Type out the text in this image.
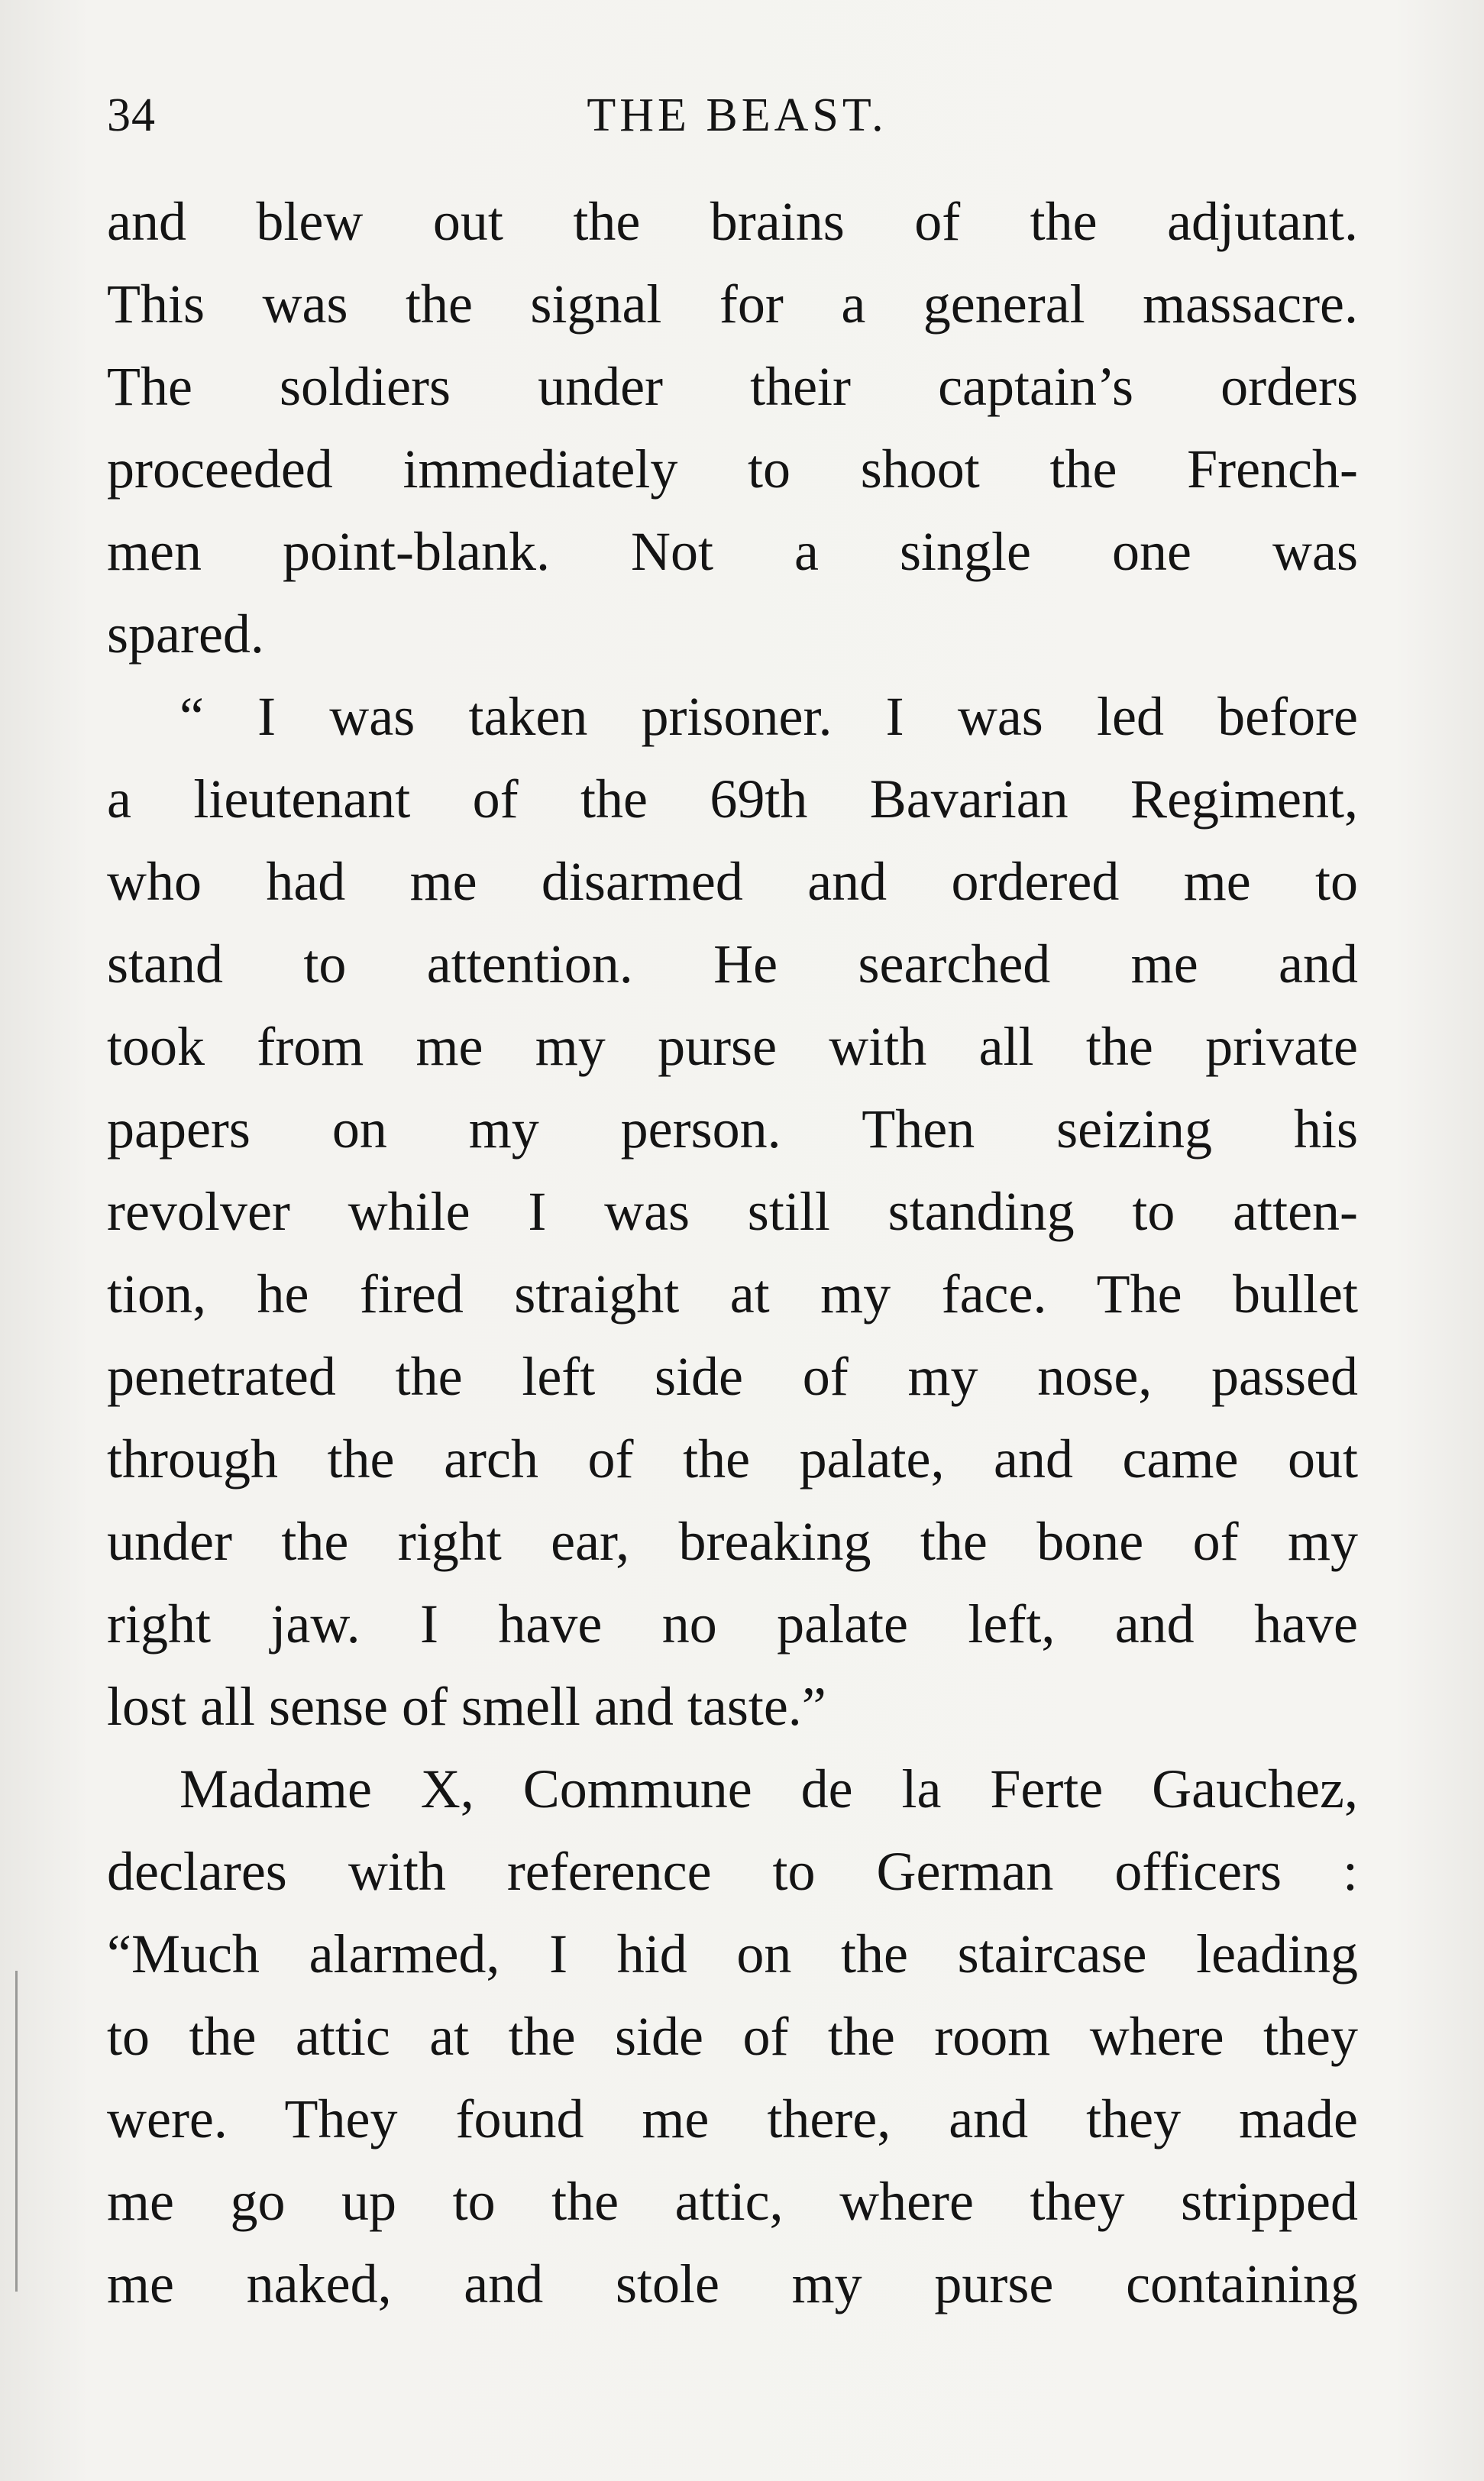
34	THE BEAST.
and blew out the brains of the adjutant.
This was the signal for a general massacre.
The soldiers under their captain’s orders
proceeded immediately to shoot the French-
men point-blank. Not a single one was
spared.
“ I was taken prisoner. I was led before
a lieutenant of the 69th Bavarian Regiment,
who had me disarmed and ordered me to
stand to attention. He searched me and
took from me my purse with all the private
papers on my person. Then seizing his
revolver while I was still standing to atten-
tion, he fired straight at my face. The bullet
penetrated the left side of my nose, passed
through the arch of the palate, and came out
under the right ear, breaking the bone of my
right jaw. I have no palate left, and have
lost all sense of smell and taste.”
Madame X, Commune de la Ferte Gauchez,
declares with reference to German officers :
“Much alarmed, I hid on the staircase leading
to the attic at the side of the room where they
were. They found me there, and they made
me go up to the attic, where they stripped
me naked, and stole my purse containing
